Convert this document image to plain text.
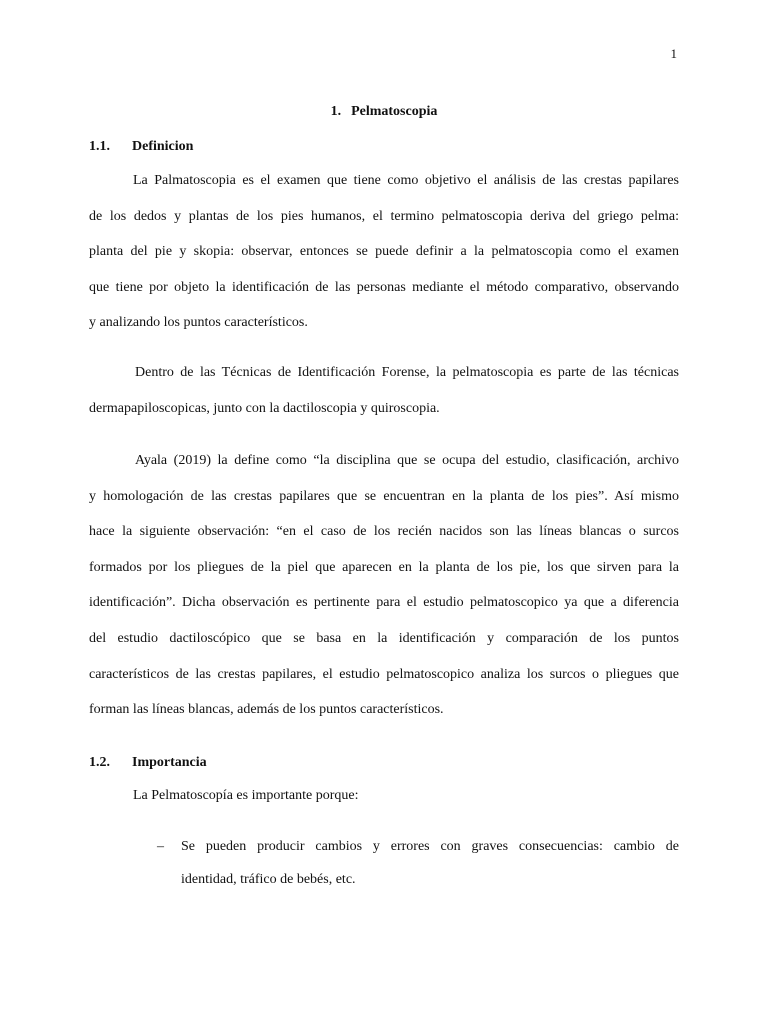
1
1. Pelmatoscopia
1.1. Definicion
La Palmatoscopia es el examen que tiene como objetivo el análisis de las crestas papilares
de los dedos y plantas de los pies humanos, el termino pelmatoscopia deriva del griego pelma:
planta del pie y skopia: observar, entonces se puede definir a la pelmatoscopia como el examen
que tiene por objeto la identificación de las personas mediante el método comparativo, observando
y analizando los puntos característicos.
Dentro de las Técnicas de Identificación Forense, la pelmatoscopia es parte de las técnicas
dermapapiloscopicas, junto con la dactiloscopia y quiroscopia.
Ayala (2019) la define como “la disciplina que se ocupa del estudio, clasificación, archivo
y homologación de las crestas papilares que se encuentran en la planta de los pies”. Así mismo
hace la siguiente observación: “en el caso de los recién nacidos son las líneas blancas o surcos
formados por los pliegues de la piel que aparecen en la planta de los pie, los que sirven para la
identificación”. Dicha observación es pertinente para el estudio pelmatoscopico ya que a diferencia
del estudio dactiloscópico que se basa en la identificación y comparación de los puntos
característicos de las crestas papilares, el estudio pelmatoscopico analiza los surcos o pliegues que
forman las líneas blancas, además de los puntos característicos.
1.2. Importancia
La Pelmatoscopía es importante porque:
– Se pueden producir cambios y errores con graves consecuencias: cambio de
identidad, tráfico de bebés, etc.
